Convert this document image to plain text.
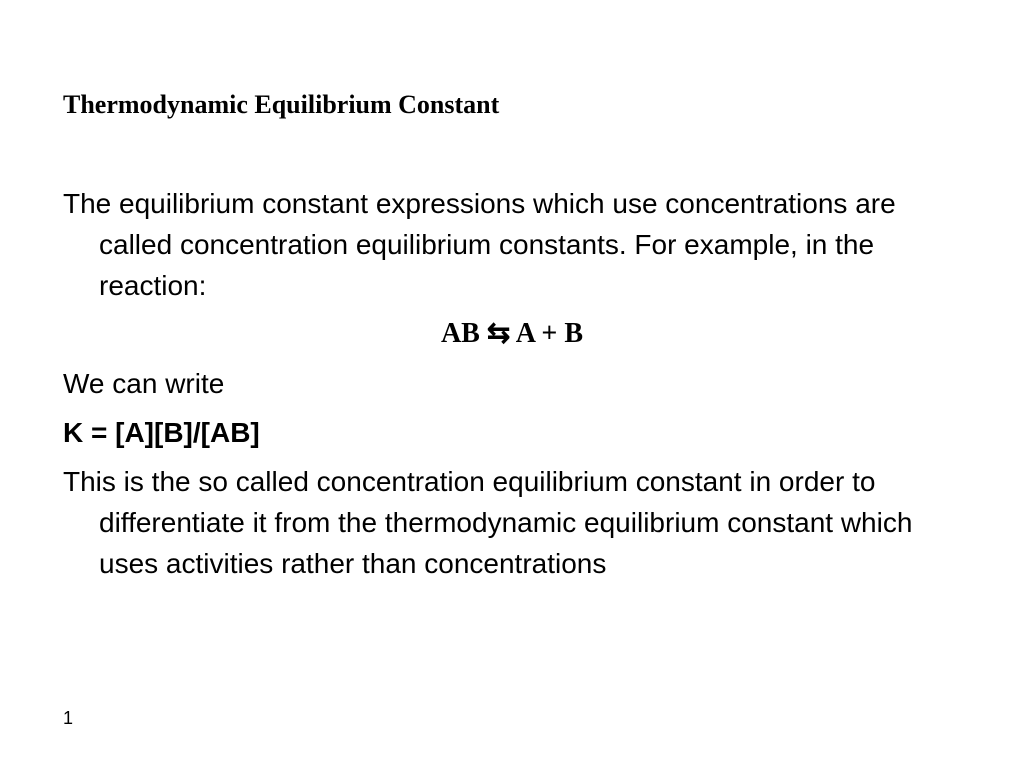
Thermodynamic Equilibrium Constant
The equilibrium constant expressions which use concentrations are called concentration equilibrium constants. For example, in the reaction:
AB ⇆ A + B
We can write
K = [A][B]/[AB]
This is the so called concentration equilibrium constant in order to differentiate it from the thermodynamic equilibrium constant which uses activities rather than concentrations
1
